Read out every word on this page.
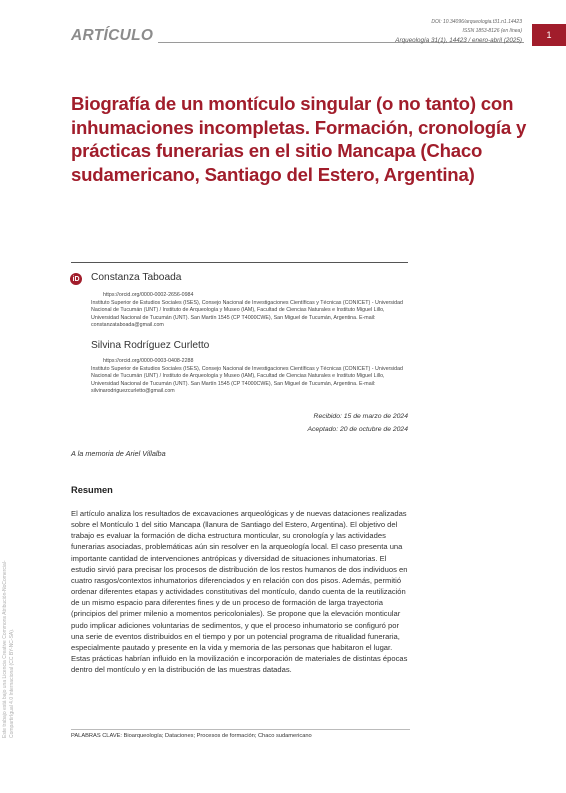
ARTÍCULO
DOI: 10.34096/arqueologia.t31.n1.14423
ISSN 1853-8126 (en línea)
Arqueología 31(1), 14423 / enero-abril (2025)
1
Biografía de un montículo singular (o no tanto) con inhumaciones incompletas. Formación, cronología y prácticas funerarias en el sitio Mancapa (Chaco sudamericano, Santiago del Estero, Argentina)
iD Constanza Taboada
https://orcid.org/0000-0002-2656-0984
Instituto Superior de Estudios Sociales (ISES), Consejo Nacional de Investigaciones Científicas y Técnicas (CONICET) - Universidad Nacional de Tucumán (UNT) / Instituto de Arqueología y Museo (IAM), Facultad de Ciencias Naturales e Instituto Miguel Lillo, Universidad Nacional de Tucumán (UNT). San Martín 1545 (CP T4000CWE), San Miguel de Tucumán, Argentina. E-mail: constanzataboada@gmail.com
Silvina Rodríguez Curletto
https://orcid.org/0000-0003-0408-2288
Instituto Superior de Estudios Sociales (ISES), Consejo Nacional de Investigaciones Científicas y Técnicas (CONICET) - Universidad Nacional de Tucumán (UNT) / Instituto de Arqueología y Museo (IAM), Facultad de Ciencias Naturales e Instituto Miguel Lillo, Universidad Nacional de Tucumán (UNT). San Martín 1545 (CP T4000CWE), San Miguel de Tucumán, Argentina. E-mail: silvinarodriguezcurletto@gmail.com
Recibido: 15 de marzo de 2024
Aceptado: 20 de octubre de 2024
A la memoria de Ariel Villalba
Resumen
El artículo analiza los resultados de excavaciones arqueológicas y de nuevas dataciones realizadas sobre el Montículo 1 del sitio Mancapa (llanura de Santiago del Estero, Argentina). El objetivo del trabajo es evaluar la formación de dicha estructura monticular, su cronología y las actividades funerarias asociadas, problemáticas aún sin resolver en la arqueología local. El caso presenta una importante cantidad de intervenciones antrópicas y diversidad de situaciones inhumatorias. El estudio sirvió para precisar los procesos de distribución de los restos humanos de dos individuos en cuatro rasgos/contextos inhumatorios diferenciados y en relación con dos pisos. Además, permitió ordenar diferentes etapas y actividades constitutivas del montículo, dando cuenta de la reutilización de un mismo espacio para diferentes fines y de un proceso de formación de larga trayectoria (principios del primer milenio a momentos pericoloniales). Se propone que la elevación monticular pudo implicar adiciones voluntarias de sedimentos, y que el proceso inhumatorio se configuró por una serie de eventos distribuidos en el tiempo y por un potencial programa de ritualidad funeraria, especialmente pautado y presente en la vida y memoria de las personas que habitaron el lugar. Estas prácticas habrían influido en la movilización e incorporación de materiales de distintas épocas dentro del montículo y en la distribución de las muestras datadas.
PALABRAS CLAVE: Bioarqueología; Dataciones; Procesos de formación; Chaco sudamericano
Este trabajo está bajo una Licencia Creative Commons Atribución-NoComercial-CompartirIgual 4.0 Internacional (CC BY-NC-SA).
